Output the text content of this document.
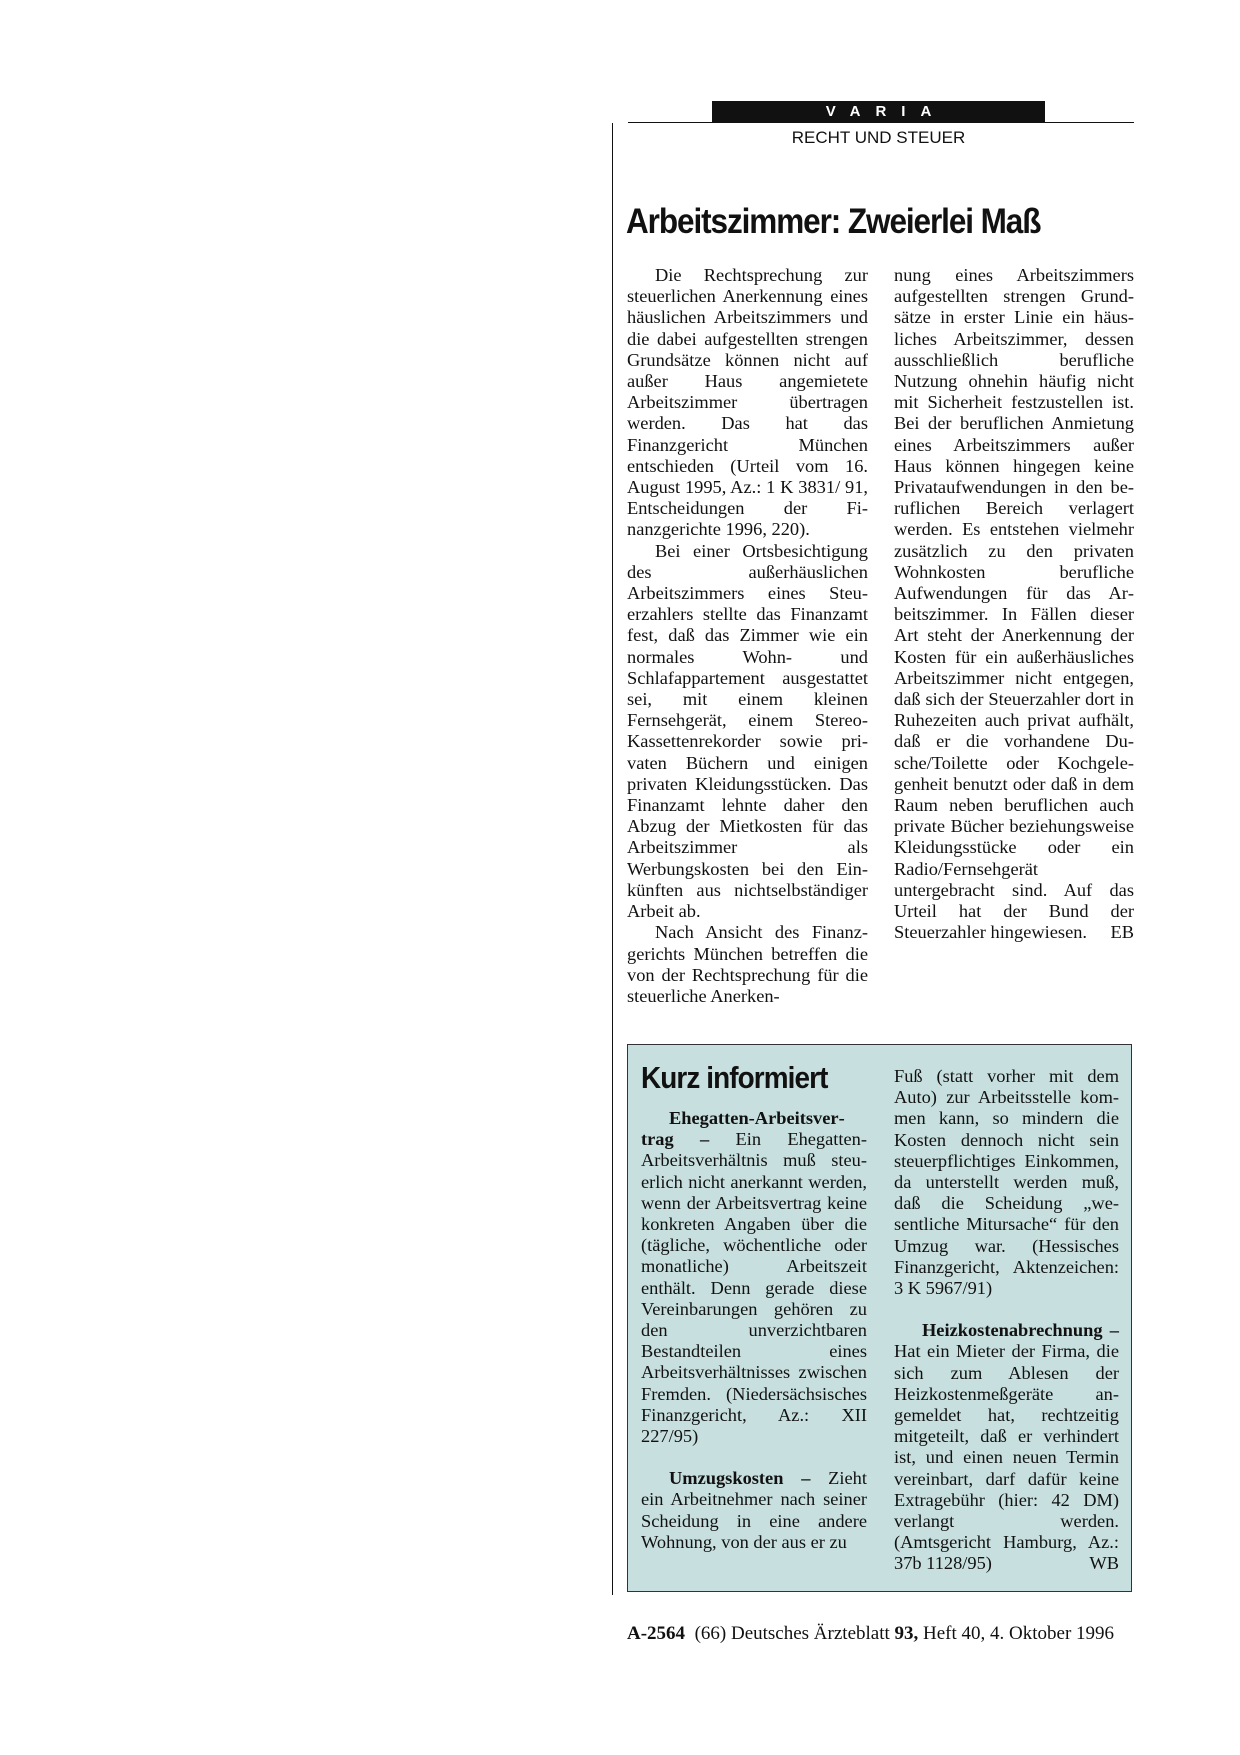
VARIA
RECHT UND STEUER
Arbeitszimmer: Zweierlei Maß

Die Rechtsprechung zur steuerlichen Anerkennung eines häuslichen Arbeitszimmers und die dabei aufgestellten strengen Grundsätze können nicht auf außer Haus angemietete Arbeitszimmer übertragen werden. Das hat das Finanzgericht München entschieden (Urteil vom 16. August 1995, Az.: 1 K 3831/ 91, Entscheidungen der Finanzgerichte 1996, 220).

Bei einer Ortsbesichtigung des außerhäuslichen Arbeitszimmers eines Steuerzahlers stellte das Finanzamt fest, daß das Zimmer wie ein normales Wohn- und Schlafappartement ausgestattet sei, mit einem kleinen Fernsehgerät, einem Stereo-Kassettenrekorder sowie privaten Büchern und einigen privaten Kleidungsstücken. Das Finanzamt lehnte daher den Abzug der Mietkosten für das Arbeitszimmer als Werbungskosten bei den Einkünften aus nichtselbständiger Arbeit ab.

Nach Ansicht des Finanzgerichts München betreffen die von der Rechtsprechung für die steuerliche Anerken-

nung eines Arbeitszimmers aufgestellten strengen Grundsätze in erster Linie ein häusliches Arbeitszimmer, dessen ausschließlich berufliche Nutzung ohnehin häufig nicht mit Sicherheit festzustellen ist. Bei der beruflichen Anmietung eines Arbeitszimmers außer Haus können hingegen keine Privataufwendungen in den beruflichen Bereich verlagert werden. Es entstehen vielmehr zusätzlich zu den privaten Wohnkosten berufliche Aufwendungen für das Arbeitszimmer. In Fällen dieser Art steht der Anerkennung der Kosten für ein außerhäusliches Arbeitszimmer nicht entgegen, daß sich der Steuerzahler dort in Ruhezeiten auch privat aufhält, daß er die vorhandene Dusche/Toilette oder Kochgelegenheit benutzt oder daß in dem Raum neben beruflichen auch private Bücher beziehungsweise Kleidungsstücke oder ein Radio/Fernsehgerät untergebracht sind. Auf das Urteil hat der Bund der Steuerzahler hingewiesen. EB

Kurz informiert

Ehegatten-Arbeitsvertrag – Ein Ehegatten-Arbeitsverhältnis muß steuerlich nicht anerkannt werden, wenn der Arbeitsvertrag keine konkreten Angaben über die (tägliche, wöchentliche oder monatliche) Arbeitszeit enthält. Denn gerade diese Vereinbarungen gehören zu den unverzichtbaren Bestandteilen eines Arbeitsverhältnisses zwischen Fremden. (Niedersächsisches Finanzgericht, Az.: XII 227/95)

Umzugskosten – Zieht ein Arbeitnehmer nach seiner Scheidung in eine andere Wohnung, von der aus er zu

Fuß (statt vorher mit dem Auto) zur Arbeitsstelle kommen kann, so mindern die Kosten dennoch nicht sein steuerpflichtiges Einkommen, da unterstellt werden muß, daß die Scheidung „wesentliche Mitursache“ für den Umzug war. (Hessisches Finanzgericht, Aktenzeichen: 3 K 5967/91)

Heizkostenabrechnung – Hat ein Mieter der Firma, die sich zum Ablesen der Heizkostenmeßgeräte angemeldet hat, rechtzeitig mitgeteilt, daß er verhindert ist, und einen neuen Termin vereinbart, darf dafür keine Extragebühr (hier: 42 DM) verlangt werden. (Amtsgericht Hamburg, Az.: 37b 1128/95)	WB

A-2564 (66) Deutsches Ärzteblatt 93, Heft 40, 4. Oktober 1996
